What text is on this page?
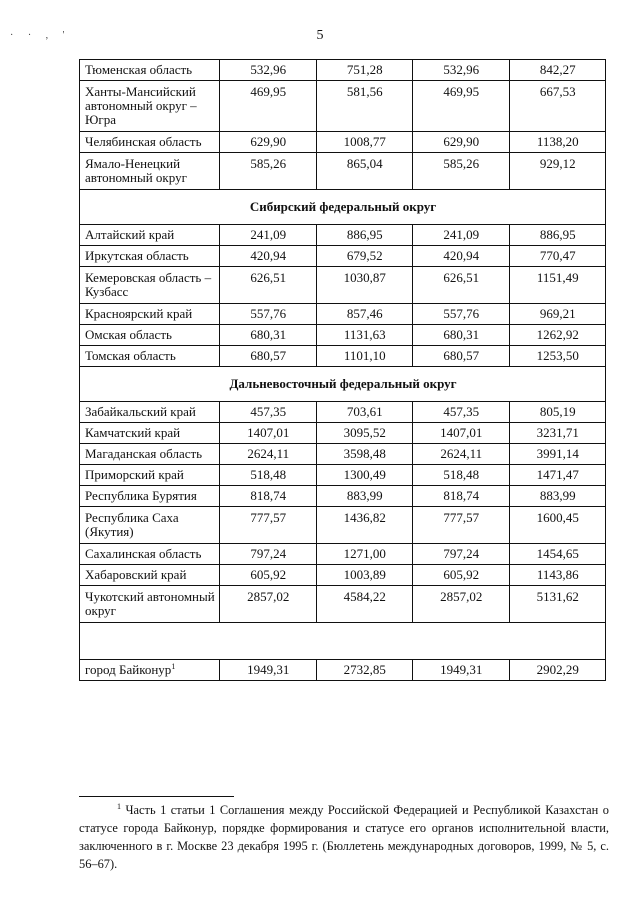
· · , '	5
Тюменская область	532,96	751,28	532,96	842,27
Ханты-Мансийский автономный округ – Югра	469,95	581,56	469,95	667,53
Челябинская область	629,90	1008,77	629,90	1138,20
Ямало-Ненецкий автономный округ	585,26	865,04	585,26	929,12
Сибирский федеральный округ				
Алтайский край	241,09	886,95	241,09	886,95
Иркутская область	420,94	679,52	420,94	770,47
Кемеровская область – Кузбасс	626,51	1030,87	626,51	1151,49
Красноярский край	557,76	857,46	557,76	969,21
Омская область	680,31	1131,63	680,31	1262,92
Томская область	680,57	1101,10	680,57	1253,50
Дальневосточный федеральный округ				
Забайкальский край	457,35	703,61	457,35	805,19
Камчатский край	1407,01	3095,52	1407,01	3231,71
Магаданская область	2624,11	3598,48	2624,11	3991,14
Приморский край	518,48	1300,49	518,48	1471,47
Республика Бурятия	818,74	883,99	818,74	883,99
Республика Саха (Якутия)	777,57	1436,82	777,57	1600,45
Сахалинская область	797,24	1271,00	797,24	1454,65
Хабаровский край	605,92	1003,89	605,92	1143,86
Чукотский автономный округ	2857,02	4584,22	2857,02	5131,62

город Байконур$^1$	1949,31	2732,85	1949,31	2902,29
$^1$ Часть 1 статьи 1 Соглашения между Российской Федерацией и Республикой Казахстан о статусе города Байконур, порядке формирования и статусе его органов исполнительной власти, заключенного в г. Москве 23 декабря 1995 г. (Бюллетень международных договоров, 1999, № 5, с. 56–67).
